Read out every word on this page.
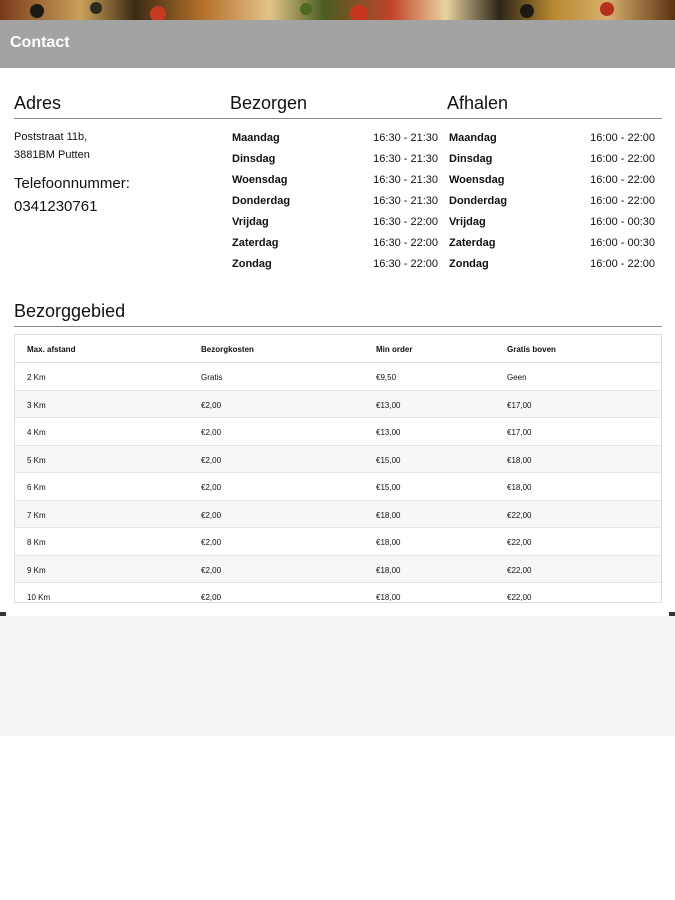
Contact
Adres	Bezorgen	Afhalen
Poststraat 11b,
3881BM Putten
Telefoonnummer:
0341230761
Maandag	16:30 - 21:30
Dinsdag	16:30 - 21:30
Woensdag	16:30 - 21:30
Donderdag	16:30 - 21:30
Vrijdag	16:30 - 22:00
Zaterdag	16:30 - 22:00
Zondag	16:30 - 22:00
Maandag	16:00 - 22:00
Dinsdag	16:00 - 22:00
Woensdag	16:00 - 22:00
Donderdag	16:00 - 22:00
Vrijdag	16:00 - 00:30
Zaterdag	16:00 - 00:30
Zondag	16:00 - 22:00
Bezorggebied
Max. afstand	Bezorgkosten	Min order	Gratis boven
2 Km	Gratis	€9,50	Geen
3 Km	€2,00	€13,00	€17,00
4 Km	€2,00	€13,00	€17,00
5 Km	€2,00	€15,00	€18,00
6 Km	€2,00	€15,00	€18,00
7 Km	€2,00	€18,00	€22,00
8 Km	€2,00	€18,00	€22,00
9 Km	€2,00	€18,00	€22,00
10 Km	€2,00	€18,00	€22,00
